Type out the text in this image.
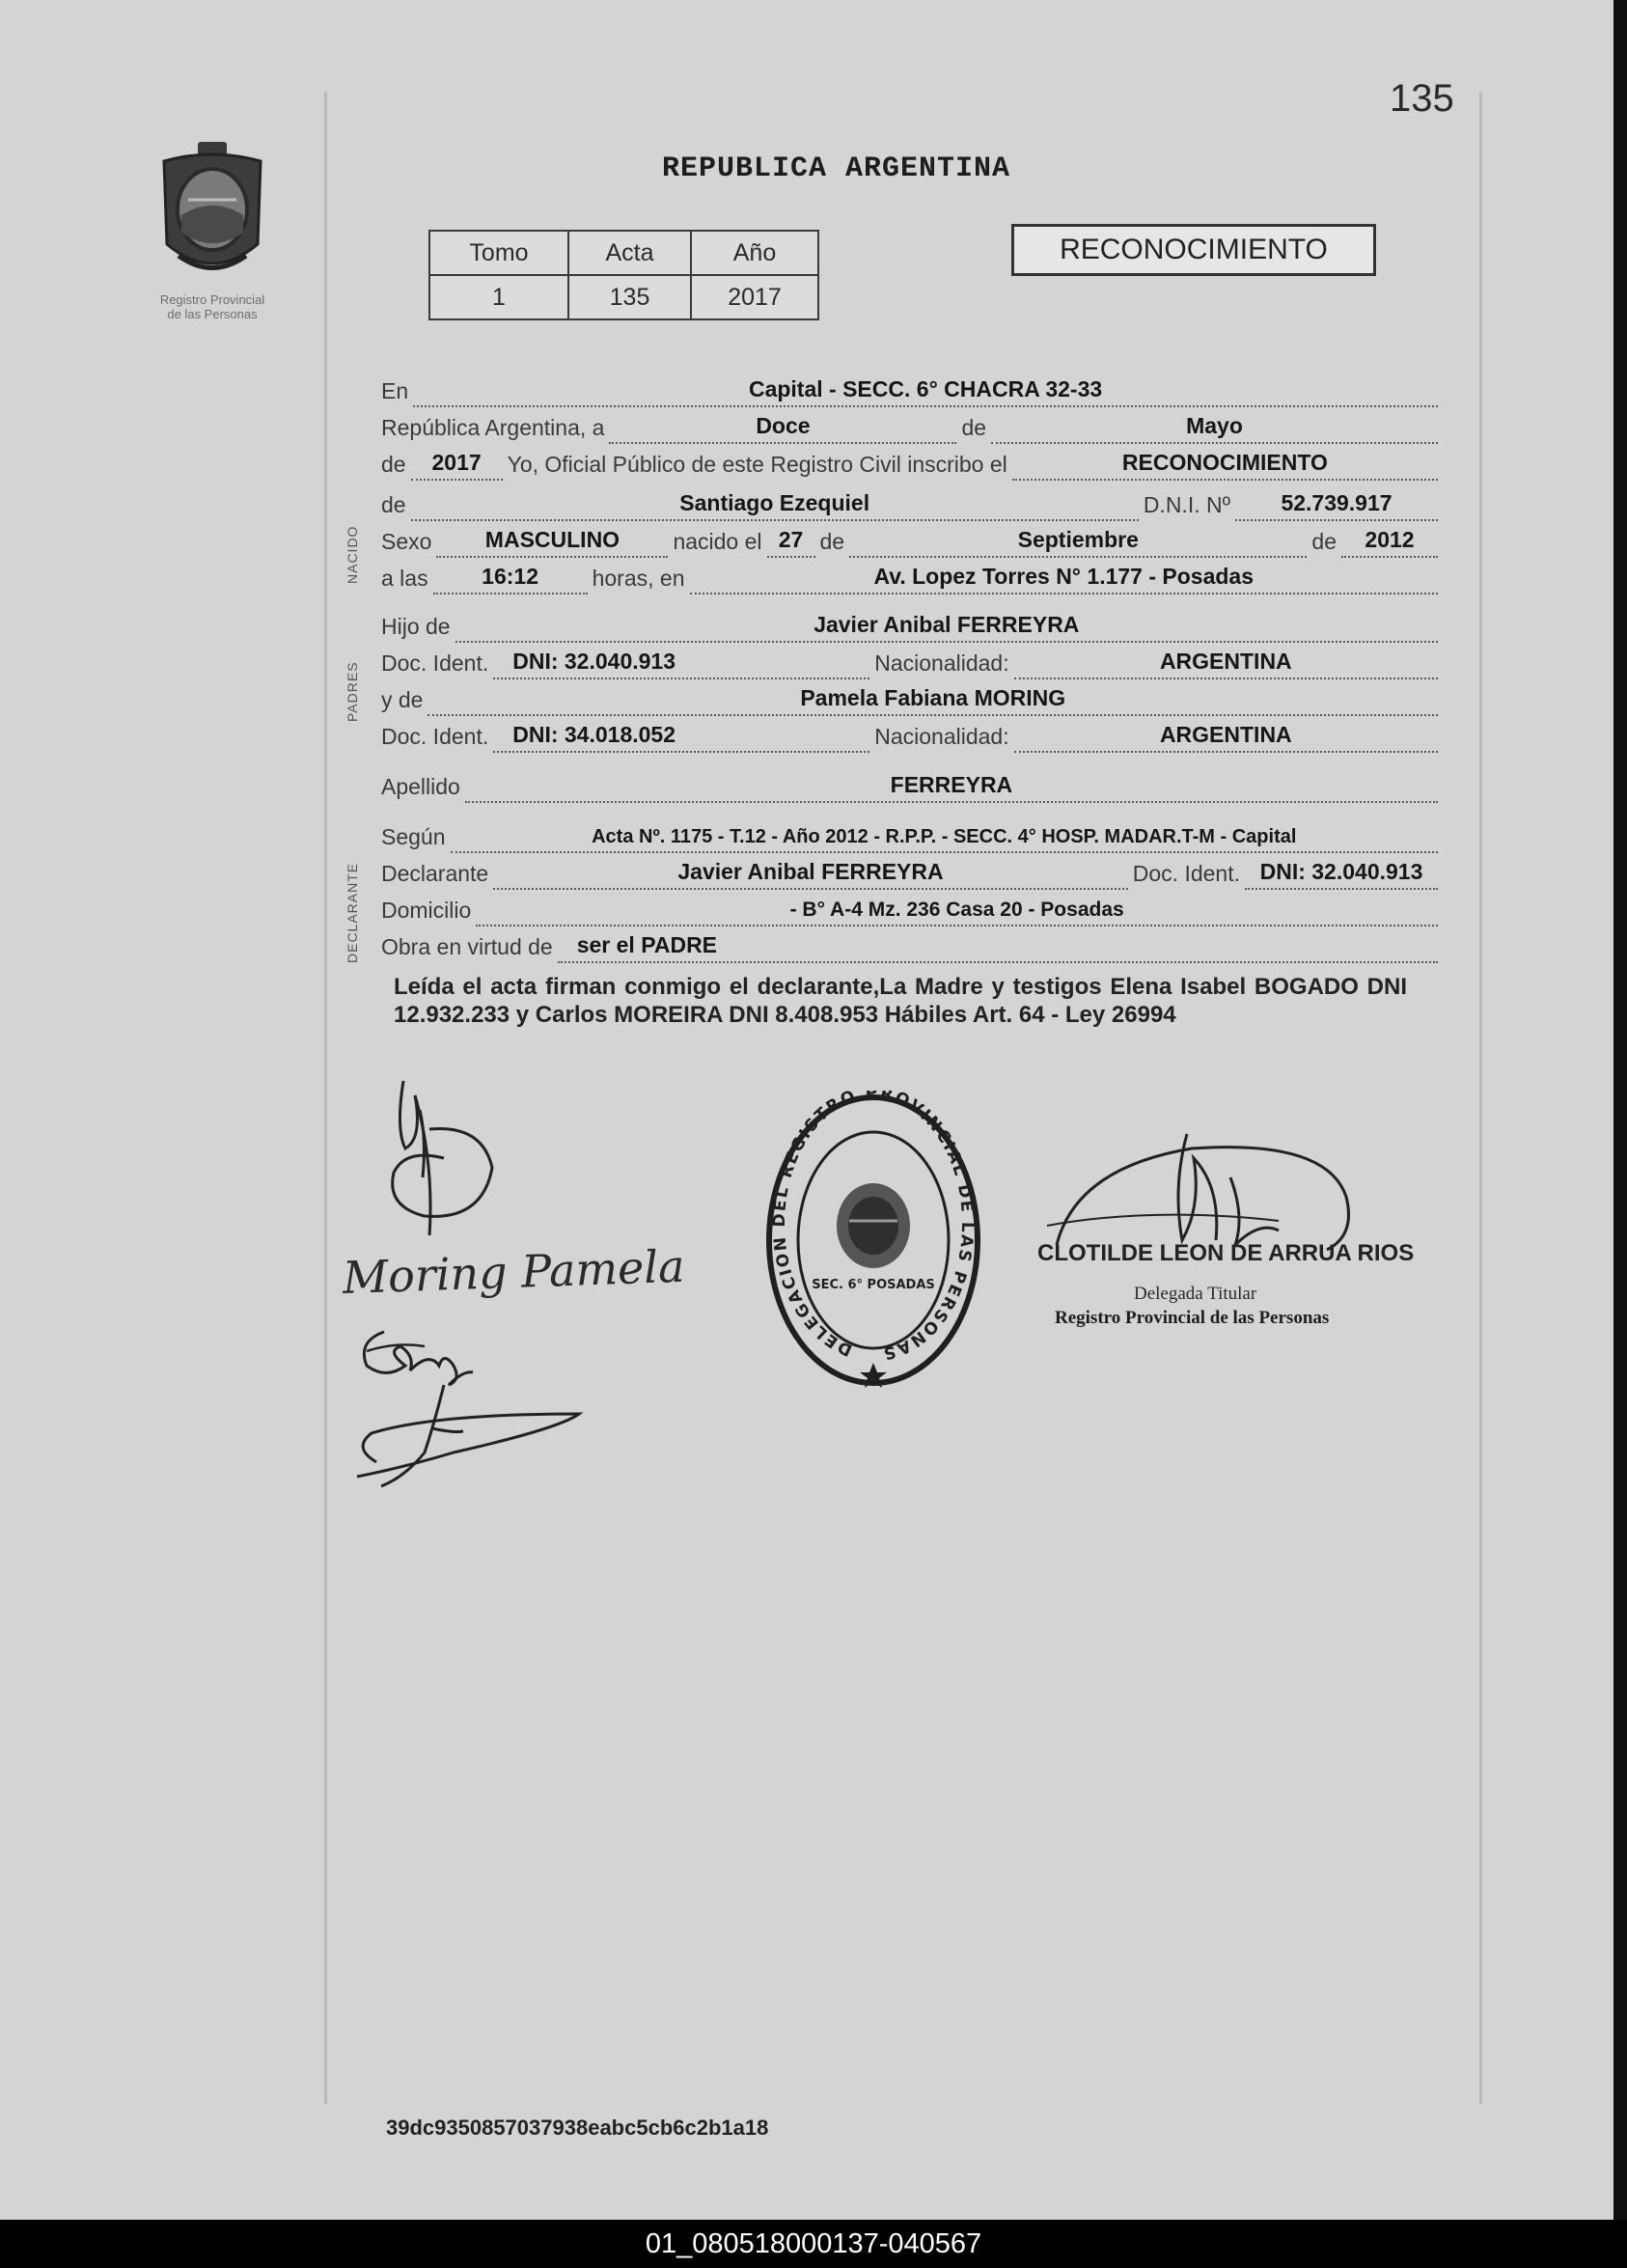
135
Registro Provincial
de las Personas
REPUBLICA ARGENTINA
Tomo	Acta	Año
1	135	2017
RECONOCIMIENTO
NACIDO
PADRES
DECLARANTE
En	Capital - SECC. 6° CHACRA 32-33
República Argentina, a	Doce	de	Mayo
de	2017	Yo, Oficial Público de este Registro Civil inscribo el	RECONOCIMIENTO
de	Santiago Ezequiel	D.N.I. Nº	52.739.917
Sexo	MASCULINO	nacido el 27 de	Septiembre	de	2012
a las	16:12	horas, en	Av. Lopez Torres N° 1.177 - Posadas
Hijo de	Javier Anibal FERREYRA
Doc. Ident.	DNI: 32.040.913	Nacionalidad:	ARGENTINA
y de	Pamela Fabiana MORING
Doc. Ident.	DNI: 34.018.052	Nacionalidad:	ARGENTINA
Apellido	FERREYRA
Según	Acta Nº. 1175 - T.12 - Año 2012 - R.P.P. - SECC. 4° HOSP. MADAR.T-M - Capital
Declarante	Javier Anibal FERREYRA	Doc. Ident. DNI: 32.040.913
Domicilio	- B° A-4 Mz. 236 Casa 20 - Posadas
Obra en virtud de	ser el PADRE
Leída el acta firman conmigo el declarante,La Madre y testigos Elena Isabel BOGADO DNI 12.932.233 y Carlos MOREIRA DNI 8.408.953 Hábiles Art. 64 - Ley 26994
Moring Pamela
DELEGACION DEL REGISTRO PROVINCIAL DE LAS PERSONAS
SEC. 6° POSADAS
CLOTILDE LEON DE ARRUA RIOS
Delegada Titular
Registro Provincial de las Personas
39dc9350857037938eabc5cb6c2b1a18
01_080518000137-040567
